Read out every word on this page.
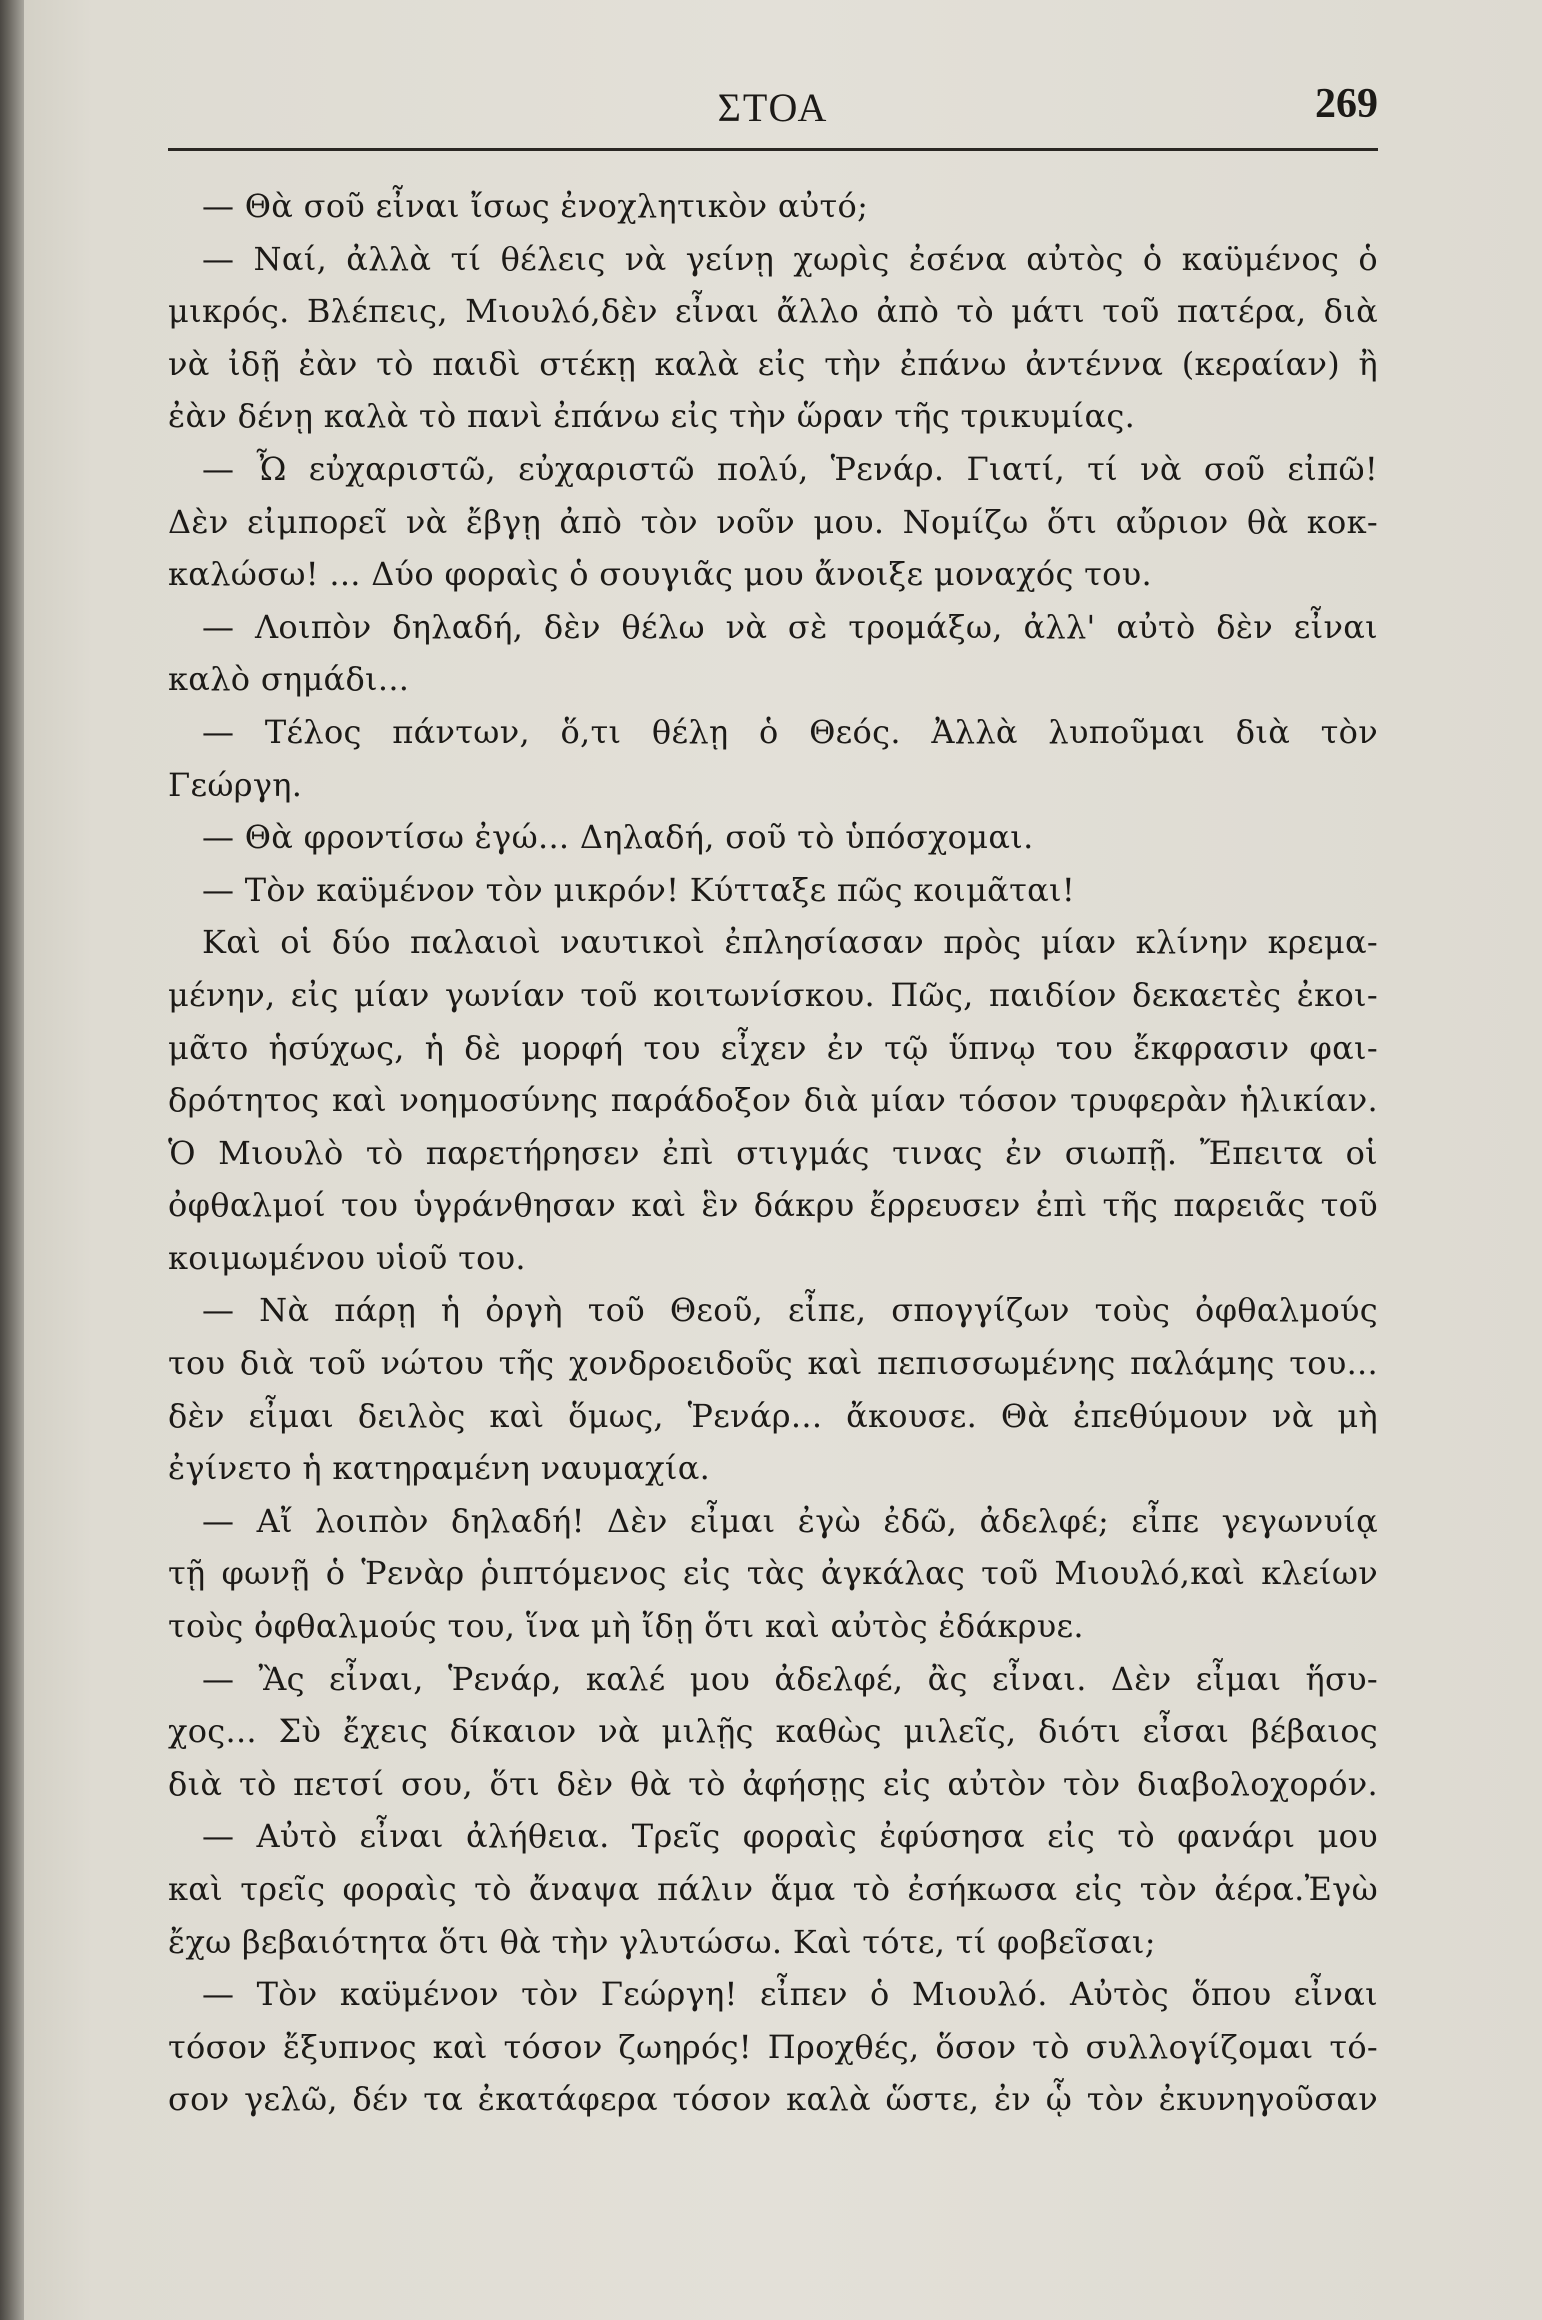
ΣΤΟΑ	269
— Θὰ σοῦ εἶναι ἴσως ἐνοχλητικὸν αὐτό;
— Ναί, ἀλλὰ τί θέλεις νὰ γείνῃ χωρὶς ἐσένα αὐτὸς ὁ καϋμένος ὁ
μικρός. Βλέπεις, Μιουλό,δὲν εἶναι ἄλλο ἀπὸ τὸ μάτι τοῦ πατέρα, διὰ
νὰ ἰδῇ ἐὰν τὸ παιδὶ στέκῃ καλὰ εἰς τὴν ἐπάνω ἀντέννα (κεραίαν) ἢ
ἐὰν δένῃ καλὰ τὸ πανὶ ἐπάνω εἰς τὴν ὥραν τῆς τρικυμίας.
— Ὦ εὐχαριστῶ, εὐχαριστῶ πολύ, Ῥενάρ. Γιατί, τί νὰ σοῦ εἰπῶ!
Δὲν εἰμπορεῖ νὰ ἔβγῃ ἀπὸ τὸν νοῦν μου. Νομίζω ὅτι αὔριον θὰ κοκ-
καλώσω! ... Δύο φοραὶς ὁ σουγιᾶς μου ἄνοιξε μοναχός του.
— Λοιπὸν δηλαδή, δὲν θέλω νὰ σὲ τρομάξω, ἀλλ' αὐτὸ δὲν εἶναι
καλὸ σημάδι...
— Τέλος πάντων, ὅ,τι θέλῃ ὁ Θεός. Ἀλλὰ λυποῦμαι διὰ τὸν
Γεώργη.
— Θὰ φροντίσω ἐγώ... Δηλαδή, σοῦ τὸ ὑπόσχομαι.
— Τὸν καϋμένον τὸν μικρόν! Κύτταξε πῶς κοιμᾶται!
Καὶ οἱ δύο παλαιοὶ ναυτικοὶ ἐπλησίασαν πρὸς μίαν κλίνην κρεμα-
μένην, εἰς μίαν γωνίαν τοῦ κοιτωνίσκου. Πῶς, παιδίον δεκαετὲς ἐκοι-
μᾶτο ἡσύχως, ἡ δὲ μορφή του εἶχεν ἐν τῷ ὕπνῳ του ἔκφρασιν φαι-
δρότητος καὶ νοημοσύνης παράδοξον διὰ μίαν τόσον τρυφερὰν ἡλικίαν.
Ὁ Μιουλὸ τὸ παρετήρησεν ἐπὶ στιγμάς τινας ἐν σιωπῇ. Ἔπειτα οἱ
ὀφθαλμοί του ὑγράνθησαν καὶ ἓν δάκρυ ἔρρευσεν ἐπὶ τῆς παρειᾶς τοῦ
κοιμωμένου υἱοῦ του.
— Νὰ πάρῃ ἡ ὀργὴ τοῦ Θεοῦ, εἶπε, σπογγίζων τοὺς ὀφθαλμούς
του διὰ τοῦ νώτου τῆς χονδροειδοῦς καὶ πεπισσωμένης παλάμης του...
δὲν εἶμαι δειλὸς καὶ ὅμως, Ῥενάρ... ἄκουσε. Θὰ ἐπεθύμουν νὰ μὴ
ἐγίνετο ἡ κατηραμένη ναυμαχία.
— Αἴ λοιπὸν δηλαδή! Δὲν εἶμαι ἐγὼ ἐδῶ, ἀδελφέ; εἶπε γεγωνυίᾳ
τῇ φωνῇ ὁ Ῥενὰρ ῥιπτόμενος εἰς τὰς ἀγκάλας τοῦ Μιουλό,καὶ κλείων
τοὺς ὀφθαλμούς του, ἵνα μὴ ἴδῃ ὅτι καὶ αὐτὸς ἐδάκρυε.
— Ἂς εἶναι, Ῥενάρ, καλέ μου ἀδελφέ, ἂς εἶναι. Δὲν εἶμαι ἥσυ-
χος... Σὺ ἔχεις δίκαιον νὰ μιλῇς καθὼς μιλεῖς, διότι εἶσαι βέβαιος
διὰ τὸ πετσί σου, ὅτι δὲν θὰ τὸ ἀφήσῃς εἰς αὐτὸν τὸν διαβολοχορόν.
— Αὐτὸ εἶναι ἀλήθεια. Τρεῖς φοραὶς ἐφύσησα εἰς τὸ φανάρι μου
καὶ τρεῖς φοραὶς τὸ ἄναψα πάλιν ἅμα τὸ ἐσήκωσα εἰς τὸν ἀέρα.Ἐγὼ
ἔχω βεβαιότητα ὅτι θὰ τὴν γλυτώσω. Καὶ τότε, τί φοβεῖσαι;
— Τὸν καϋμένον τὸν Γεώργη! εἶπεν ὁ Μιουλό. Αὐτὸς ὅπου εἶναι
τόσον ἔξυπνος καὶ τόσον ζωηρός! Προχθές, ὅσον τὸ συλλογίζομαι τό-
σον γελῶ, δέν τα ἐκατάφερα τόσον καλὰ ὥστε, ἐν ᾧ τὸν ἐκυνηγοῦσαν
